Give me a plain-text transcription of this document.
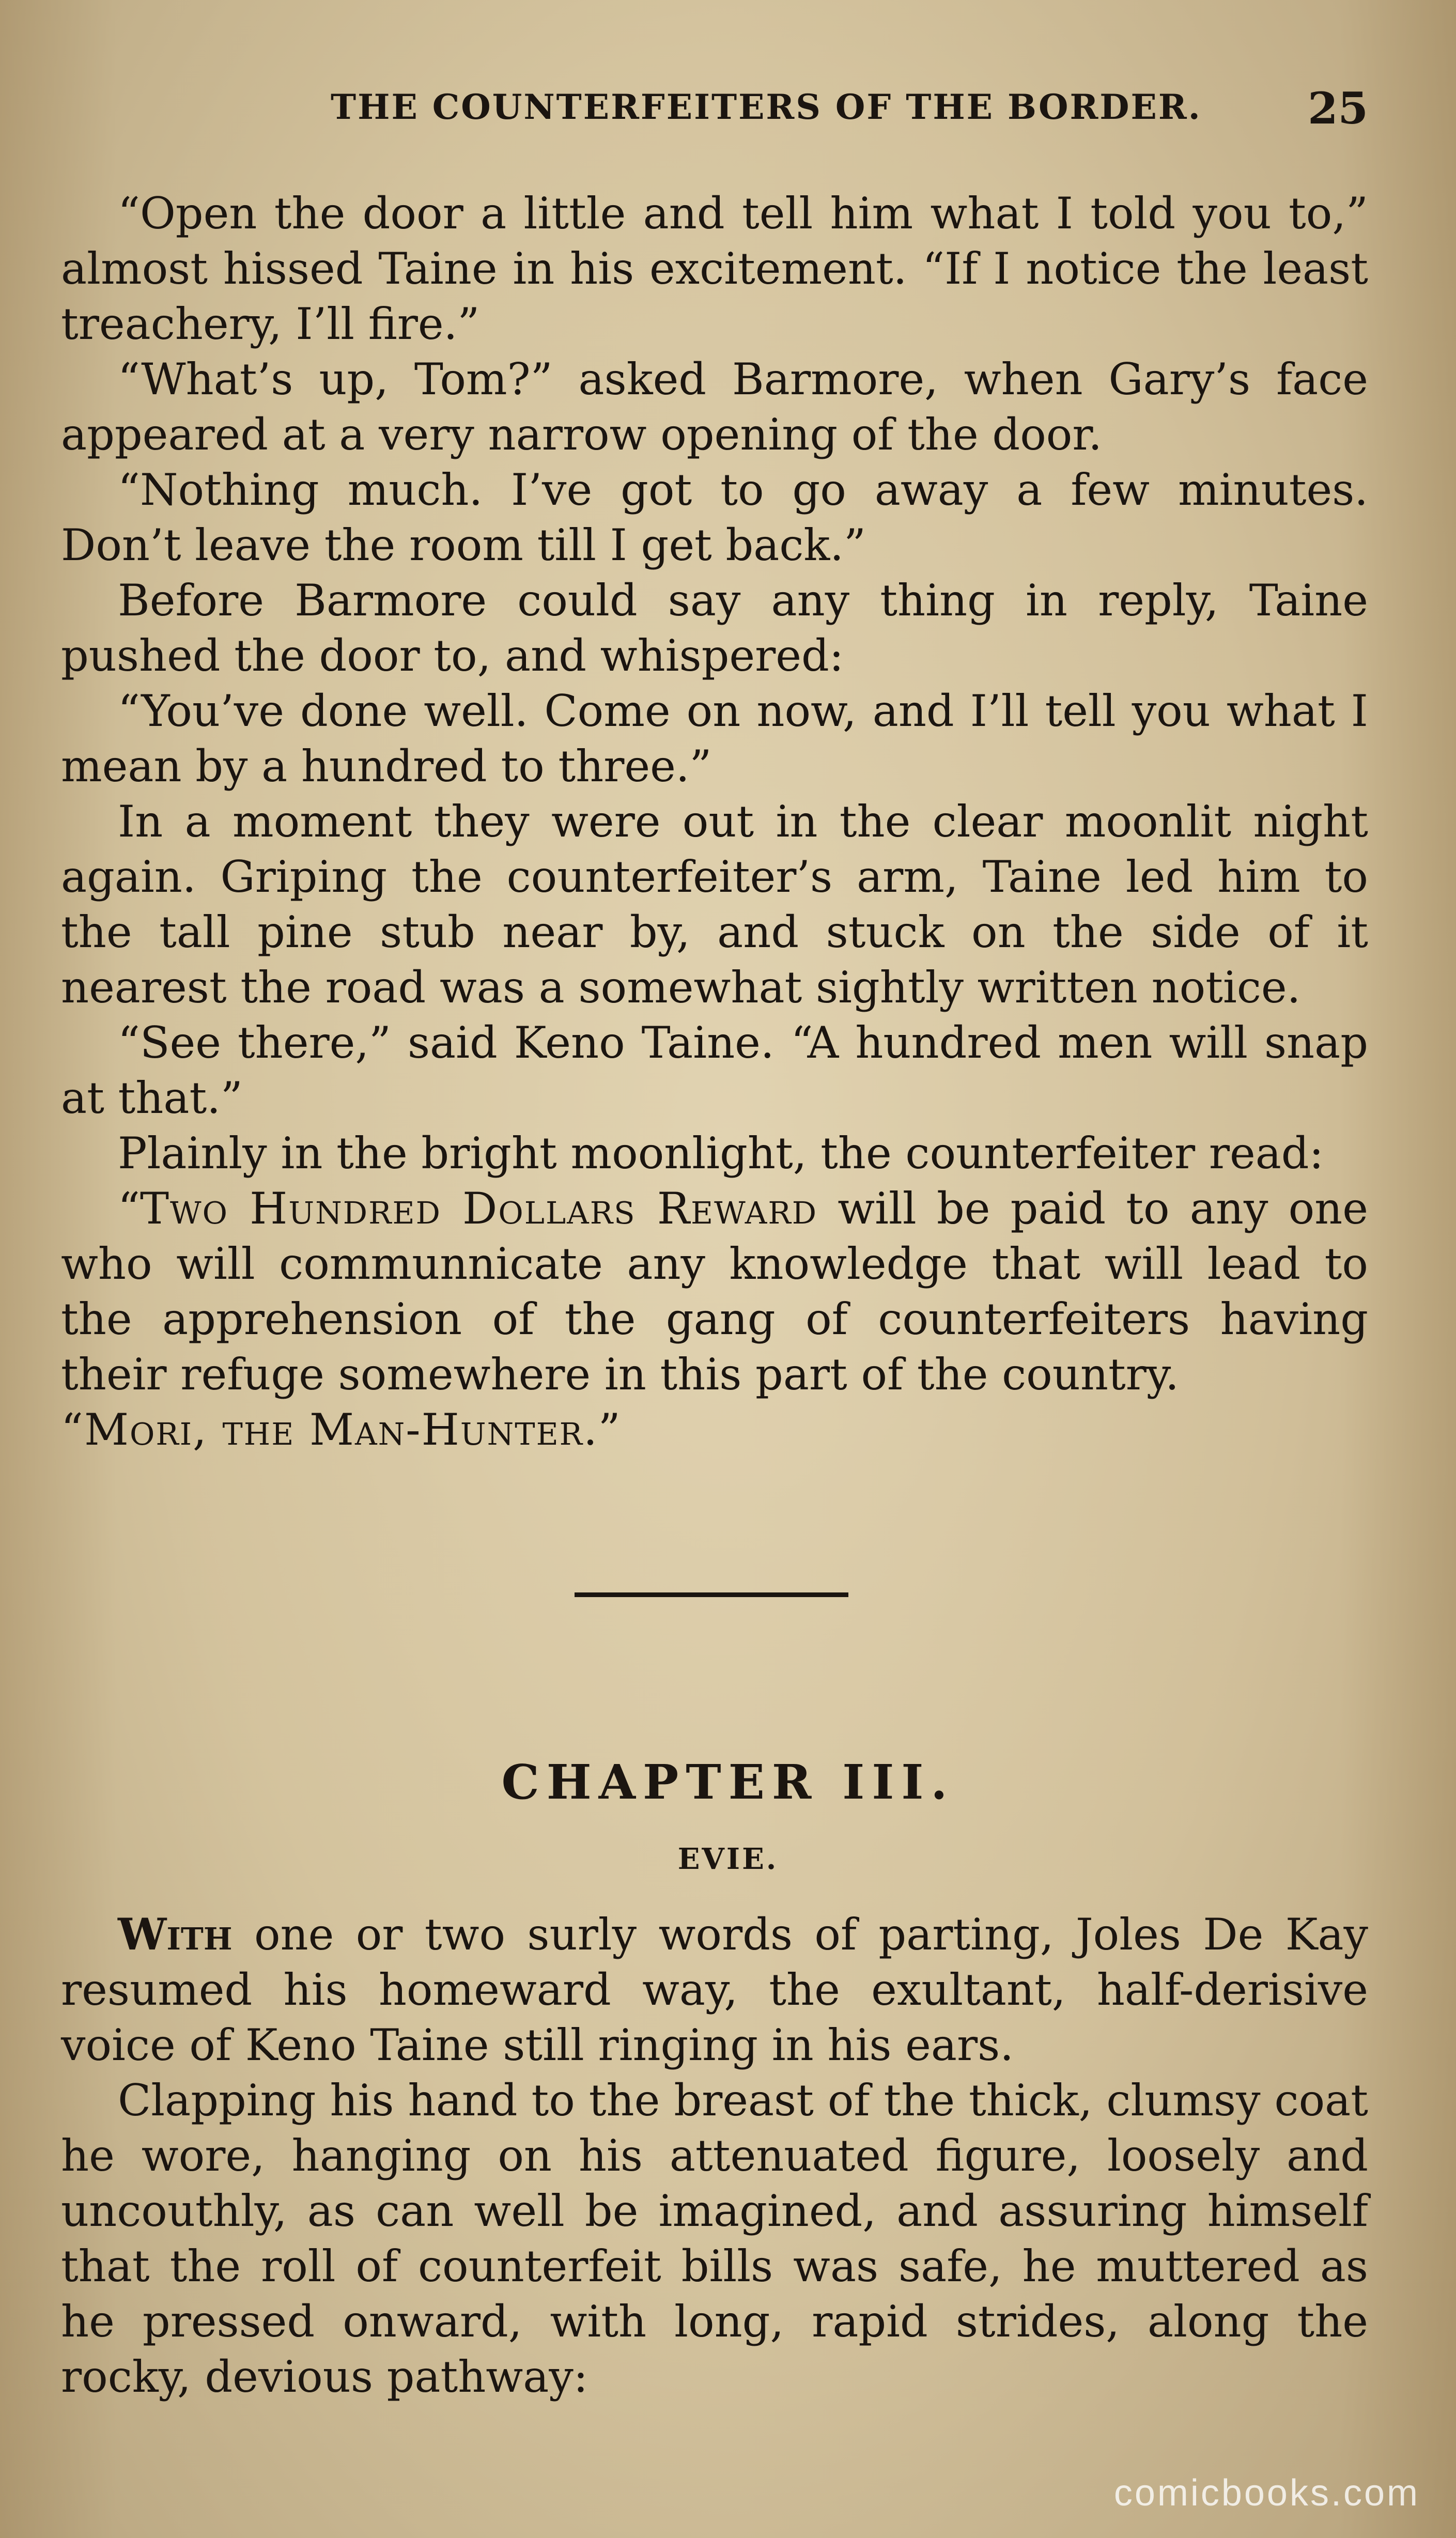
THE COUNTERFEITERS OF THE BORDER. 25

“Open the door a little and tell him what I told you to,” almost hissed Taine in his excitement. “If I notice the least treachery, I’ll fire.”

“What’s up, Tom?” asked Barmore, when Gary’s face appeared at a very narrow opening of the door.

“Nothing much. I’ve got to go away a few minutes. Don’t leave the room till I get back.”

Before Barmore could say any thing in reply, Taine pushed the door to, and whispered:

“You’ve done well. Come on now, and I’ll tell you what I mean by a hundred to three.”

In a moment they were out in the clear moonlit night again. Griping the counterfeiter’s arm, Taine led him to the tall pine stub near by, and stuck on the side of it nearest the road was a somewhat sightly written notice.

“See there,” said Keno Taine. “A hundred men will snap at that.”

Plainly in the bright moonlight, the counterfeiter read:

“Two Hundred Dollars Reward will be paid to any one who will communnicate any knowledge that will lead to the apprehension of the gang of counterfeiters having their refuge somewhere in this part of the country.

“Mori, the Man-Hunter.”

CHAPTER III.
EVIE.

With one or two surly words of parting, Joles De Kay resumed his homeward way, the exultant, half-derisive voice of Keno Taine still ringing in his ears.

Clapping his hand to the breast of the thick, clumsy coat he wore, hanging on his attenuated figure, loosely and uncouthly, as can well be imagined, and assuring himself that the roll of counterfeit bills was safe, he muttered as he pressed onward, with long, rapid strides, along the rocky, devious pathway:

comicbooks.com
